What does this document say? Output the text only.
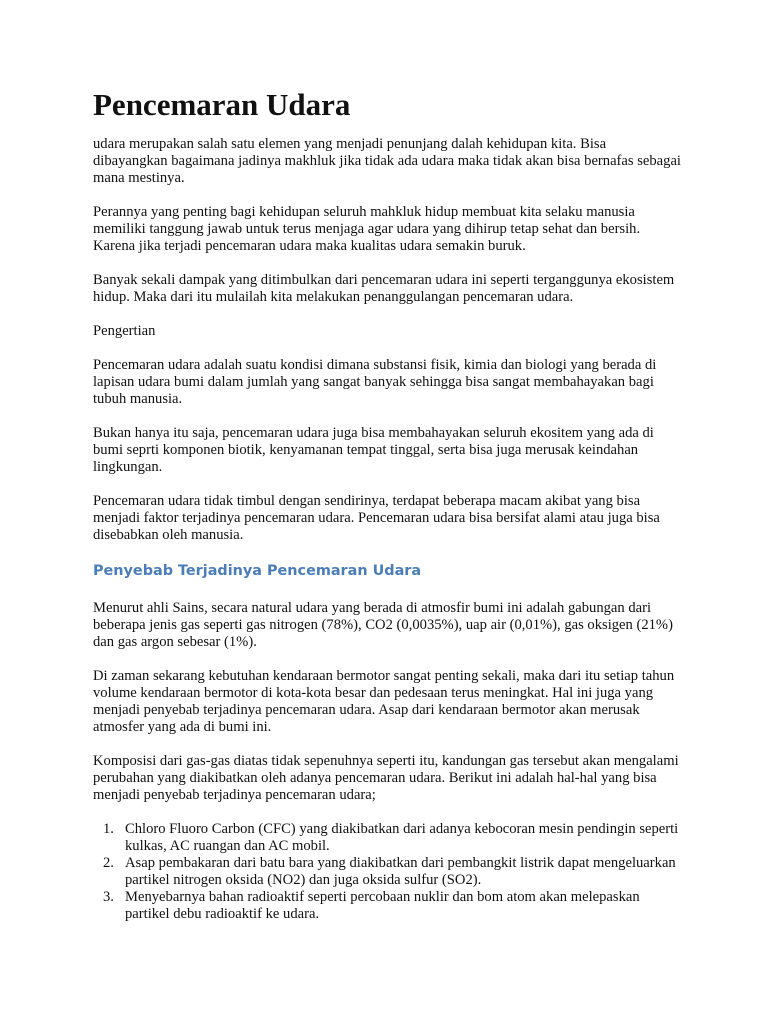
Pencemaran Udara

udara merupakan salah satu elemen yang menjadi penunjang dalah kehidupan kita. Bisa dibayangkan bagaimana jadinya makhluk jika tidak ada udara maka tidak akan bisa bernafas sebagai mana mestinya.

Perannya yang penting bagi kehidupan seluruh mahkluk hidup membuat kita selaku manusia memiliki tanggung jawab untuk terus menjaga agar udara yang dihirup tetap sehat dan bersih. Karena jika terjadi pencemaran udara maka kualitas udara semakin buruk.

Banyak sekali dampak yang ditimbulkan dari pencemaran udara ini seperti terganggunya ekosistem hidup. Maka dari itu mulailah kita melakukan penanggulangan pencemaran udara.

Pengertian

Pencemaran udara adalah suatu kondisi dimana substansi fisik, kimia dan biologi yang berada di lapisan udara bumi dalam jumlah yang sangat banyak sehingga bisa sangat membahayakan bagi tubuh manusia.

Bukan hanya itu saja, pencemaran udara juga bisa membahayakan seluruh ekositem yang ada di bumi seprti komponen biotik, kenyamanan tempat tinggal, serta bisa juga merusak keindahan lingkungan.

Pencemaran udara tidak timbul dengan sendirinya, terdapat beberapa macam akibat yang bisa menjadi faktor terjadinya pencemaran udara. Pencemaran udara bisa bersifat alami atau juga bisa disebabkan oleh manusia.

Penyebab Terjadinya Pencemaran Udara

Menurut ahli Sains, secara natural udara yang berada di atmosfir bumi ini adalah gabungan dari beberapa jenis gas seperti gas nitrogen (78%), CO2 (0,0035%), uap air (0,01%), gas oksigen (21%) dan gas argon sebesar (1%).

Di zaman sekarang kebutuhan kendaraan bermotor sangat penting sekali, maka dari itu setiap tahun volume kendaraan bermotor di kota-kota besar dan pedesaan terus meningkat. Hal ini juga yang menjadi penyebab terjadinya pencemaran udara. Asap dari kendaraan bermotor akan merusak atmosfer yang ada di bumi ini.

Komposisi dari gas-gas diatas tidak sepenuhnya seperti itu, kandungan gas tersebut akan mengalami perubahan yang diakibatkan oleh adanya pencemaran udara. Berikut ini adalah hal-hal yang bisa menjadi penyebab terjadinya pencemaran udara;

1. Chloro Fluoro Carbon (CFC) yang diakibatkan dari adanya kebocoran mesin pendingin seperti kulkas, AC ruangan dan AC mobil.
2. Asap pembakaran dari batu bara yang diakibatkan dari pembangkit listrik dapat mengeluarkan partikel nitrogen oksida (NO2) dan juga oksida sulfur (SO2).
3. Menyebarnya bahan radioaktif seperti percobaan nuklir dan bom atom akan melepaskan partikel debu radioaktif ke udara.
